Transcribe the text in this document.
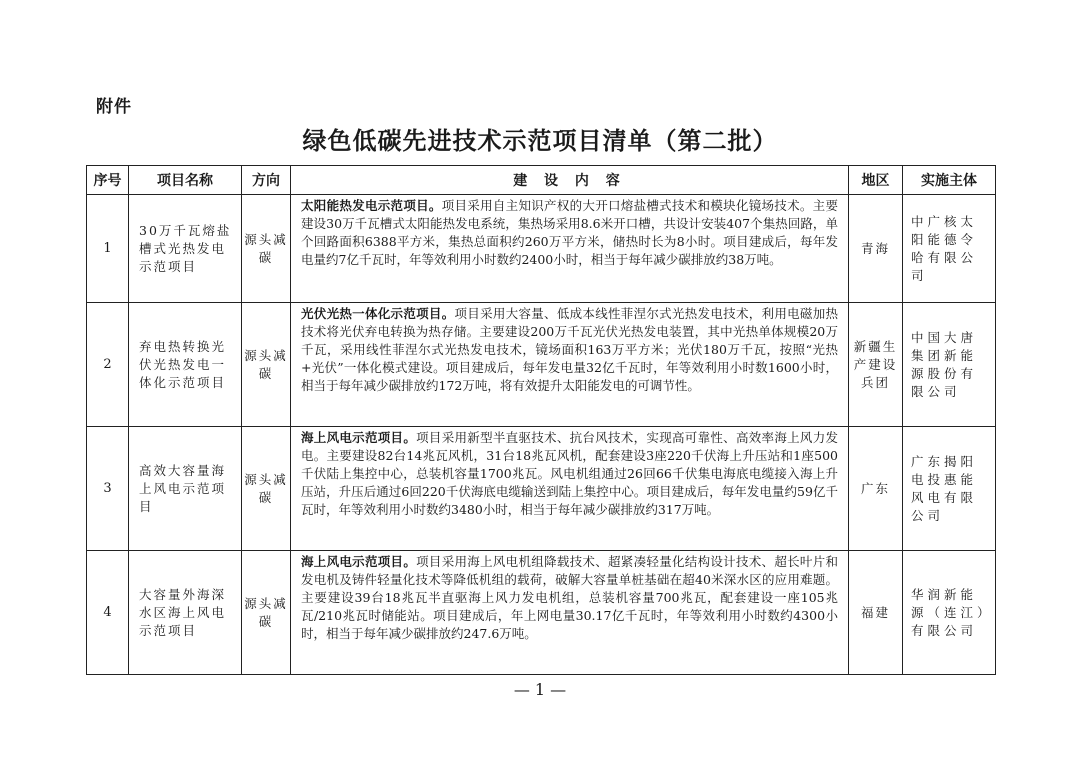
附件
绿色低碳先进技术示范项目清单（第二批）
序号	项目名称	方向	建 设 内 容	地区	实施主体
1	30万千瓦熔盐槽式光热发电示范项目	源头减碳	太阳能热发电示范项目。项目采用自主知识产权的大开口熔盐槽式技术和模块化镜场技术。主要建设30万千瓦槽式太阳能热发电系统，集热场采用8.6米开口槽，共设计安装407个集热回路，单个回路面积6388平方米，集热总面积约260万平方米，储热时长为8小时。项目建成后，每年发电量约7亿千瓦时，年等效利用小时数约2400小时，相当于每年减少碳排放约38万吨。	青海	中广核太阳能德令哈有限公司
2	弃电热转换光伏光热发电一体化示范项目	源头减碳	光伏光热一体化示范项目。项目采用大容量、低成本线性菲涅尔式光热发电技术，利用电磁加热技术将光伏弃电转换为热存储。主要建设200万千瓦光伏光热发电装置，其中光热单体规模20万千瓦，采用线性菲涅尔式光热发电技术，镜场面积163万平方米；光伏180万千瓦，按照“光热+光伏”一体化模式建设。项目建成后，每年发电量32亿千瓦时，年等效利用小时数1600小时，相当于每年减少碳排放约172万吨，将有效提升太阳能发电的可调节性。	新疆生产建设兵团	中国大唐集团新能源股份有限公司
3	高效大容量海上风电示范项目	源头减碳	海上风电示范项目。项目采用新型半直驱技术、抗台风技术，实现高可靠性、高效率海上风力发电。主要建设82台14兆瓦风机，31台18兆瓦风机，配套建设3座220千伏海上升压站和1座500千伏陆上集控中心，总装机容量1700兆瓦。风电机组通过26回66千伏集电海底电缆接入海上升压站，升压后通过6回220千伏海底电缆输送到陆上集控中心。项目建成后，每年发电量约59亿千瓦时，年等效利用小时数约3480小时，相当于每年减少碳排放约317万吨。	广东	广东揭阳电投惠能风电有限公司
4	大容量外海深水区海上风电示范项目	源头减碳	海上风电示范项目。项目采用海上风电机组降载技术、超紧凑轻量化结构设计技术、超长叶片和发电机及铸件轻量化技术等降低机组的载荷，破解大容量单桩基础在超40米深水区的应用难题。主要建设39台18兆瓦半直驱海上风力发电机组，总装机容量700兆瓦，配套建设一座105兆瓦/210兆瓦时储能站。项目建成后，年上网电量30.17亿千瓦时，年等效利用小时数约4300小时，相当于每年减少碳排放约247.6万吨。	福建	华润新能源（连江）有限公司
— 1 —
